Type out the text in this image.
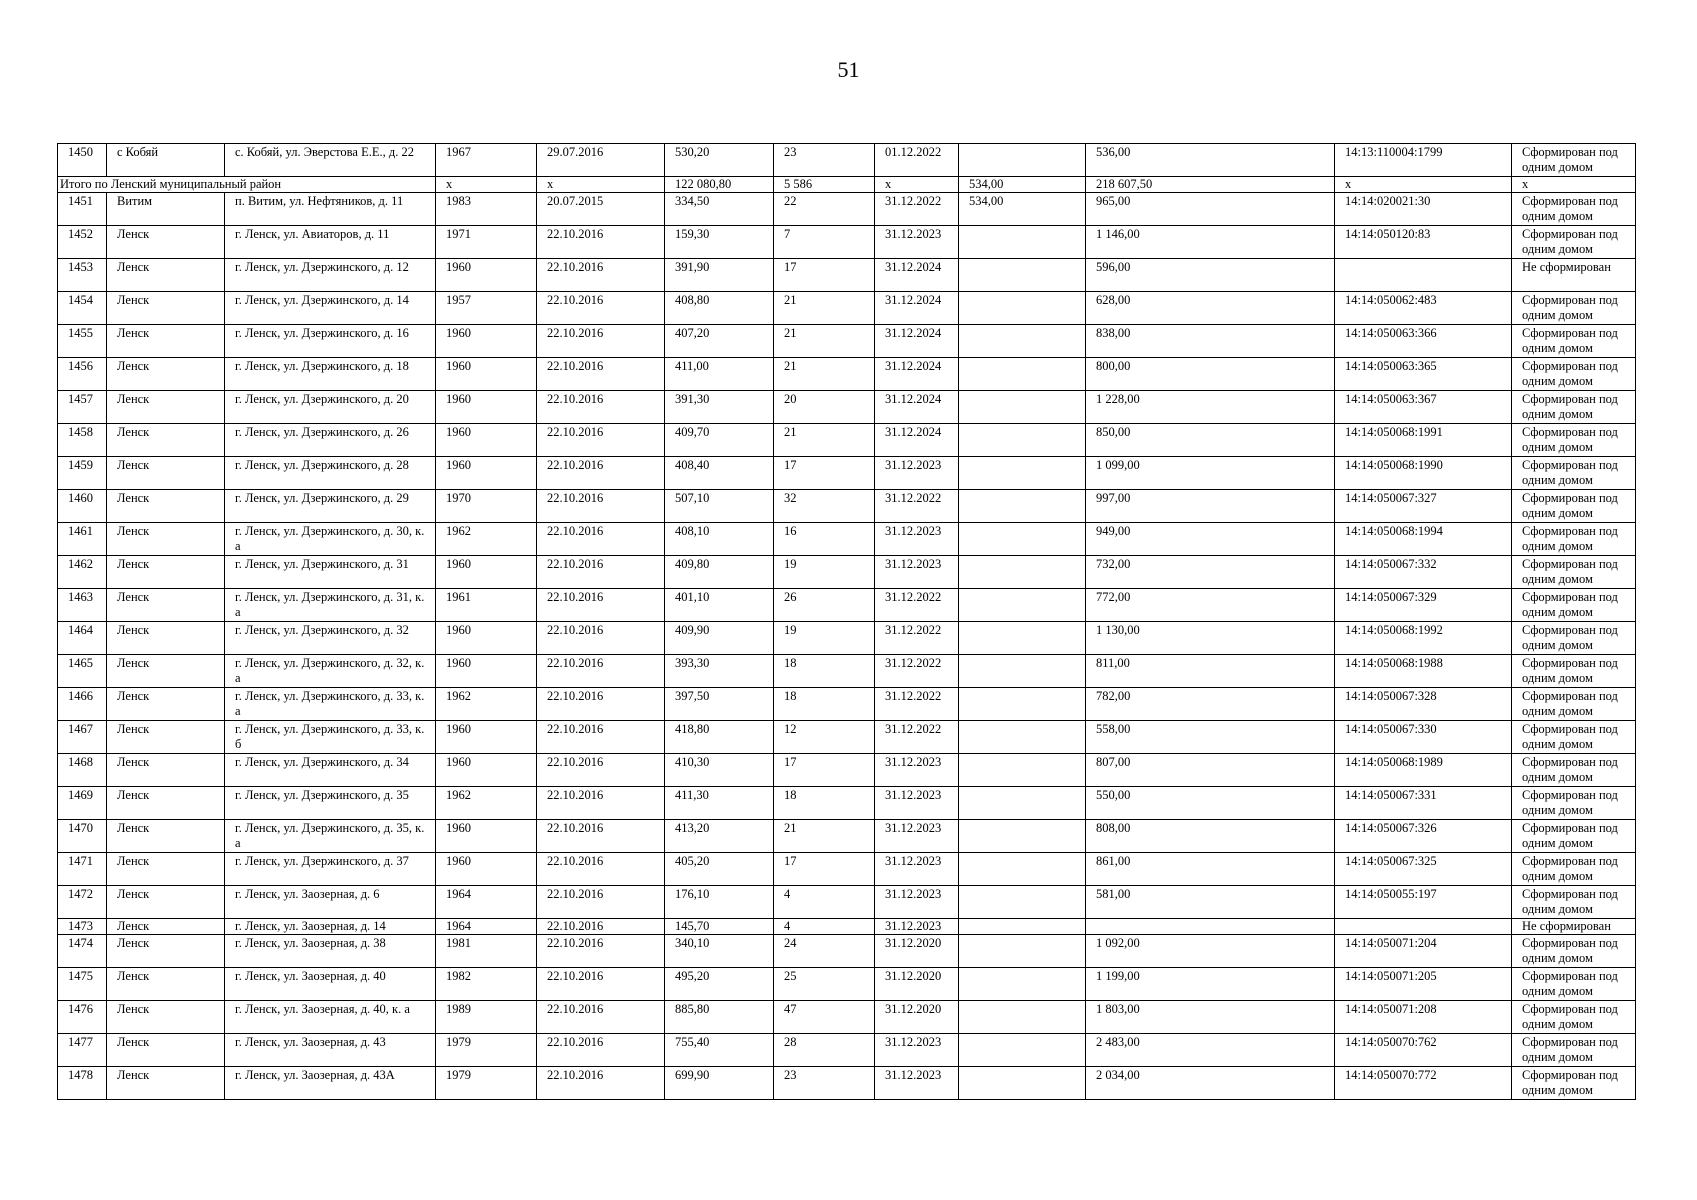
51
1450	с Кобяй	с. Кобяй, ул. Эверстова Е.Е., д. 22	1967	29.07.2016	530,20	23	01.12.2022		536,00	14:13:110004:1799	Сформирован под одним домом
Итого по Ленский муниципальный район			x	x	122 080,80	5 586	x	534,00	218 607,50	x	x
1451	Витим	п. Витим, ул. Нефтяников, д. 11	1983	20.07.2015	334,50	22	31.12.2022	534,00	965,00	14:14:020021:30	Сформирован под одним домом
1452	Ленск	г. Ленск, ул. Авиаторов, д. 11	1971	22.10.2016	159,30	7	31.12.2023		1 146,00	14:14:050120:83	Сформирован под одним домом
1453	Ленск	г. Ленск, ул. Дзержинского, д. 12	1960	22.10.2016	391,90	17	31.12.2024		596,00		Не сформирован
1454	Ленск	г. Ленск, ул. Дзержинского, д. 14	1957	22.10.2016	408,80	21	31.12.2024		628,00	14:14:050062:483	Сформирован под одним домом
1455	Ленск	г. Ленск, ул. Дзержинского, д. 16	1960	22.10.2016	407,20	21	31.12.2024		838,00	14:14:050063:366	Сформирован под одним домом
1456	Ленск	г. Ленск, ул. Дзержинского, д. 18	1960	22.10.2016	411,00	21	31.12.2024		800,00	14:14:050063:365	Сформирован под одним домом
1457	Ленск	г. Ленск, ул. Дзержинского, д. 20	1960	22.10.2016	391,30	20	31.12.2024		1 228,00	14:14:050063:367	Сформирован под одним домом
1458	Ленск	г. Ленск, ул. Дзержинского, д. 26	1960	22.10.2016	409,70	21	31.12.2024		850,00	14:14:050068:1991	Сформирован под одним домом
1459	Ленск	г. Ленск, ул. Дзержинского, д. 28	1960	22.10.2016	408,40	17	31.12.2023		1 099,00	14:14:050068:1990	Сформирован под одним домом
1460	Ленск	г. Ленск, ул. Дзержинского, д. 29	1970	22.10.2016	507,10	32	31.12.2022		997,00	14:14:050067:327	Сформирован под одним домом
1461	Ленск	г. Ленск, ул. Дзержинского, д. 30, к. а	1962	22.10.2016	408,10	16	31.12.2023		949,00	14:14:050068:1994	Сформирован под одним домом
1462	Ленск	г. Ленск, ул. Дзержинского, д. 31	1960	22.10.2016	409,80	19	31.12.2023		732,00	14:14:050067:332	Сформирован под одним домом
1463	Ленск	г. Ленск, ул. Дзержинского, д. 31, к. а	1961	22.10.2016	401,10	26	31.12.2022		772,00	14:14:050067:329	Сформирован под одним домом
1464	Ленск	г. Ленск, ул. Дзержинского, д. 32	1960	22.10.2016	409,90	19	31.12.2022		1 130,00	14:14:050068:1992	Сформирован под одним домом
1465	Ленск	г. Ленск, ул. Дзержинского, д. 32, к. а	1960	22.10.2016	393,30	18	31.12.2022		811,00	14:14:050068:1988	Сформирован под одним домом
1466	Ленск	г. Ленск, ул. Дзержинского, д. 33, к. а	1962	22.10.2016	397,50	18	31.12.2022		782,00	14:14:050067:328	Сформирован под одним домом
1467	Ленск	г. Ленск, ул. Дзержинского, д. 33, к. б	1960	22.10.2016	418,80	12	31.12.2022		558,00	14:14:050067:330	Сформирован под одним домом
1468	Ленск	г. Ленск, ул. Дзержинского, д. 34	1960	22.10.2016	410,30	17	31.12.2023		807,00	14:14:050068:1989	Сформирован под одним домом
1469	Ленск	г. Ленск, ул. Дзержинского, д. 35	1962	22.10.2016	411,30	18	31.12.2023		550,00	14:14:050067:331	Сформирован под одним домом
1470	Ленск	г. Ленск, ул. Дзержинского, д. 35, к. а	1960	22.10.2016	413,20	21	31.12.2023		808,00	14:14:050067:326	Сформирован под одним домом
1471	Ленск	г. Ленск, ул. Дзержинского, д. 37	1960	22.10.2016	405,20	17	31.12.2023		861,00	14:14:050067:325	Сформирован под одним домом
1472	Ленск	г. Ленск, ул. Заозерная, д. 6	1964	22.10.2016	176,10	4	31.12.2023		581,00	14:14:050055:197	Сформирован под одним домом
1473	Ленск	г. Ленск, ул. Заозерная, д. 14	1964	22.10.2016	145,70	4	31.12.2023				Не сформирован
1474	Ленск	г. Ленск, ул. Заозерная, д. 38	1981	22.10.2016	340,10	24	31.12.2020		1 092,00	14:14:050071:204	Сформирован под одним домом
1475	Ленск	г. Ленск, ул. Заозерная, д. 40	1982	22.10.2016	495,20	25	31.12.2020		1 199,00	14:14:050071:205	Сформирован под одним домом
1476	Ленск	г. Ленск, ул. Заозерная, д. 40, к. а	1989	22.10.2016	885,80	47	31.12.2020		1 803,00	14:14:050071:208	Сформирован под одним домом
1477	Ленск	г. Ленск, ул. Заозерная, д. 43	1979	22.10.2016	755,40	28	31.12.2023		2 483,00	14:14:050070:762	Сформирован под одним домом
1478	Ленск	г. Ленск, ул. Заозерная, д. 43А	1979	22.10.2016	699,90	23	31.12.2023		2 034,00	14:14:050070:772	Сформирован под одним домом
